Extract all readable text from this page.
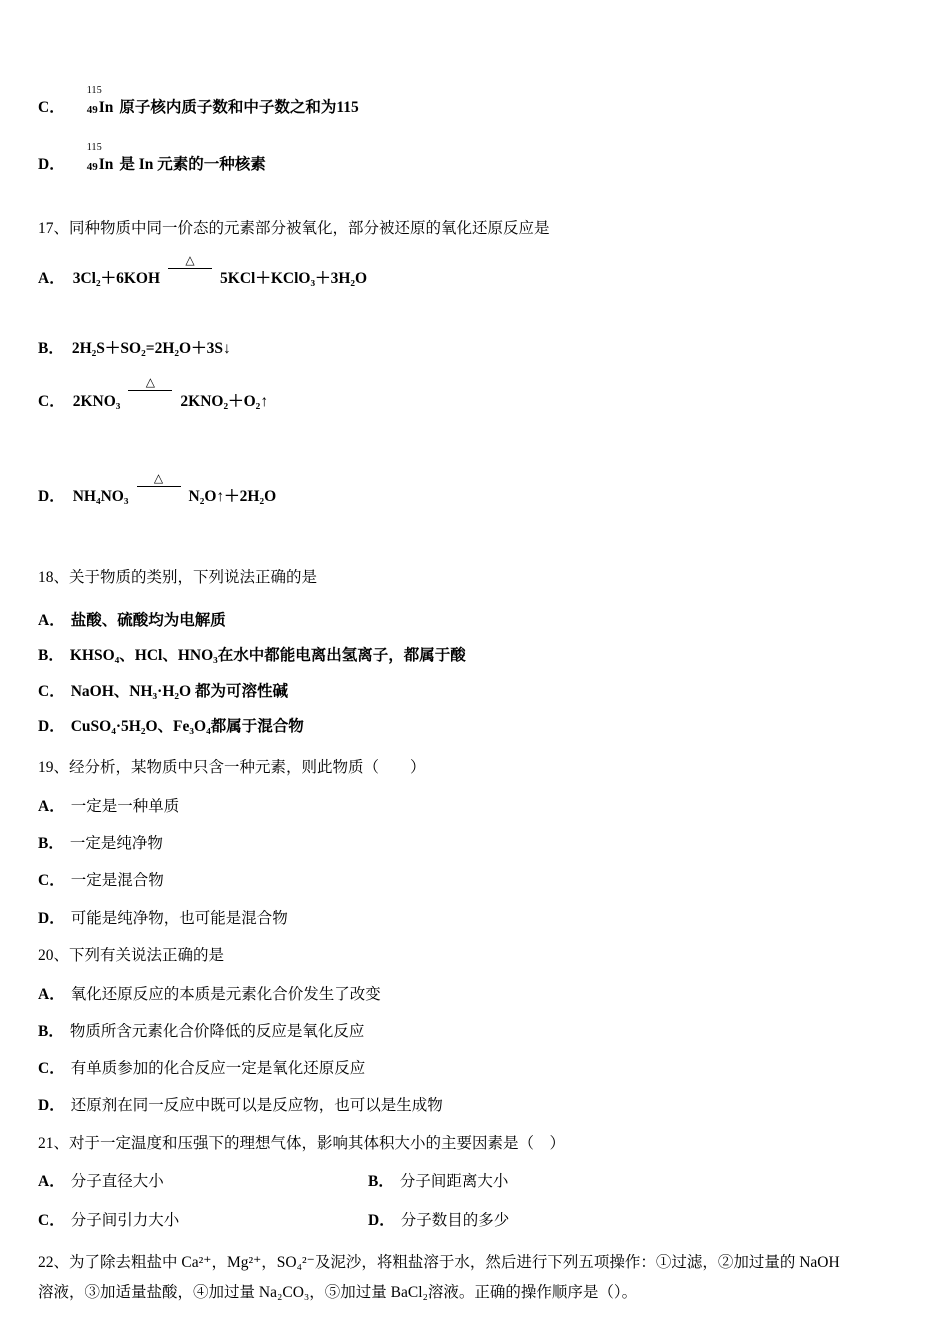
C．
115
49In 原子核内质子数和中子数之和为115
D．
115
49In 是 In 元素的一种核素
17、同种物质中同一价态的元素部分被氧化，部分被还原的氧化还原反应是
A． 3Cl₂＋6KOH
△
5KCl＋KClO₃＋3H₂O
B． 2H₂S＋SO₂=2H₂O＋3S↓
C． 2KNO₃
△
2KNO₂＋O₂↑
D． NH₄NO₃
△
N₂O↑＋2H₂O
18、关于物质的类别，下列说法正确的是
A． 盐酸、硫酸均为电解质
B． KHSO₄、HCl、HNO₃在水中都能电离出氢离子，都属于酸
C． NaOH、NH₃·H₂O 都为可溶性碱
D． CuSO₄·5H₂O、Fe₃O₄都属于混合物
19、经分析，某物质中只含一种元素，则此物质（　　）
A． 一定是一种单质
B． 一定是纯净物
C． 一定是混合物
D． 可能是纯净物，也可能是混合物
20、下列有关说法正确的是
A． 氧化还原反应的本质是元素化合价发生了改变
B． 物质所含元素化合价降低的反应是氧化反应
C． 有单质参加的化合反应一定是氧化还原反应
D． 还原剂在同一反应中既可以是反应物，也可以是生成物
21、对于一定温度和压强下的理想气体，影响其体积大小的主要因素是（　）
A． 分子直径大小	B． 分子间距离大小
C． 分子间引力大小	D． 分子数目的多少
22、为了除去粗盐中 Ca²⁺，Mg²⁺，SO₄²⁻及泥沙，将粗盐溶于水，然后进行下列五项操作：①过滤，②加过量的 NaOH
溶液，③加适量盐酸，④加过量 Na₂CO₃，⑤加过量 BaCl₂溶液。正确的操作顺序是（）。
